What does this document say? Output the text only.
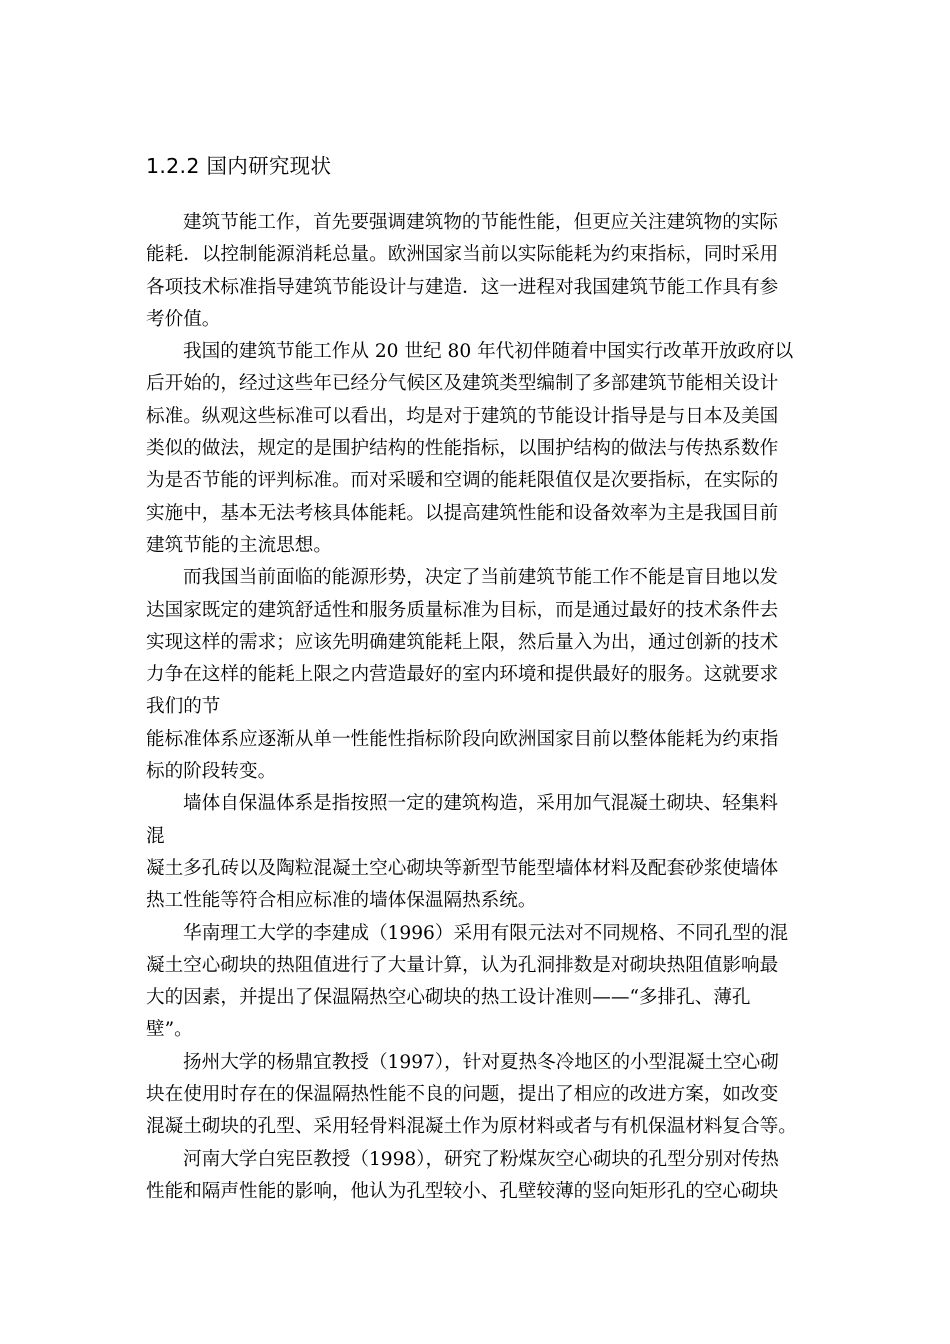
1.2.2 国内研究现状
建筑节能工作，首先要强调建筑物的节能性能，但更应关注建筑物的实际
能耗．以控制能源消耗总量。欧洲国家当前以实际能耗为约束指标，同时采用
各项技术标准指导建筑节能设计与建造．这一进程对我国建筑节能工作具有参
考价值。
我国的建筑节能工作从 20 世纪 80 年代初伴随着中国实行改革开放政府以
后开始的，经过这些年已经分气候区及建筑类型编制了多部建筑节能相关设计
标准。纵观这些标准可以看出，均是对于建筑的节能设计指导是与日本及美国
类似的做法，规定的是围护结构的性能指标，以围护结构的做法与传热系数作
为是否节能的评判标准。而对采暖和空调的能耗限值仅是次要指标，在实际的
实施中，基本无法考核具体能耗。以提高建筑性能和设备效率为主是我国目前
建筑节能的主流思想。
而我国当前面临的能源形势，决定了当前建筑节能工作不能是盲目地以发
达国家既定的建筑舒适性和服务质量标准为目标，而是通过最好的技术条件去
实现这样的需求；应该先明确建筑能耗上限，然后量入为出，通过创新的技术
力争在这样的能耗上限之内营造最好的室内环境和提供最好的服务。这就要求
我们的节
能标准体系应逐渐从单一性能性指标阶段向欧洲国家目前以整体能耗为约束指
标的阶段转变。
墙体自保温体系是指按照一定的建筑构造，采用加气混凝土砌块、轻集料
混
凝土多孔砖以及陶粒混凝土空心砌块等新型节能型墙体材料及配套砂浆使墙体
热工性能等符合相应标准的墙体保温隔热系统。
华南理工大学的李建成（1996）采用有限元法对不同规格、不同孔型的混
凝土空心砌块的热阻值进行了大量计算，认为孔洞排数是对砌块热阻值影响最
大的因素，并提出了保温隔热空心砌块的热工设计准则——“多排孔、薄孔
壁”。
扬州大学的杨鼎宜教授（1997），针对夏热冬冷地区的小型混凝土空心砌
块在使用时存在的保温隔热性能不良的问题，提出了相应的改进方案，如改变
混凝土砌块的孔型、采用轻骨料混凝土作为原材料或者与有机保温材料复合等。
河南大学白宪臣教授（1998），研究了粉煤灰空心砌块的孔型分别对传热
性能和隔声性能的影响，他认为孔型较小、孔壁较薄的竖向矩形孔的空心砌块
